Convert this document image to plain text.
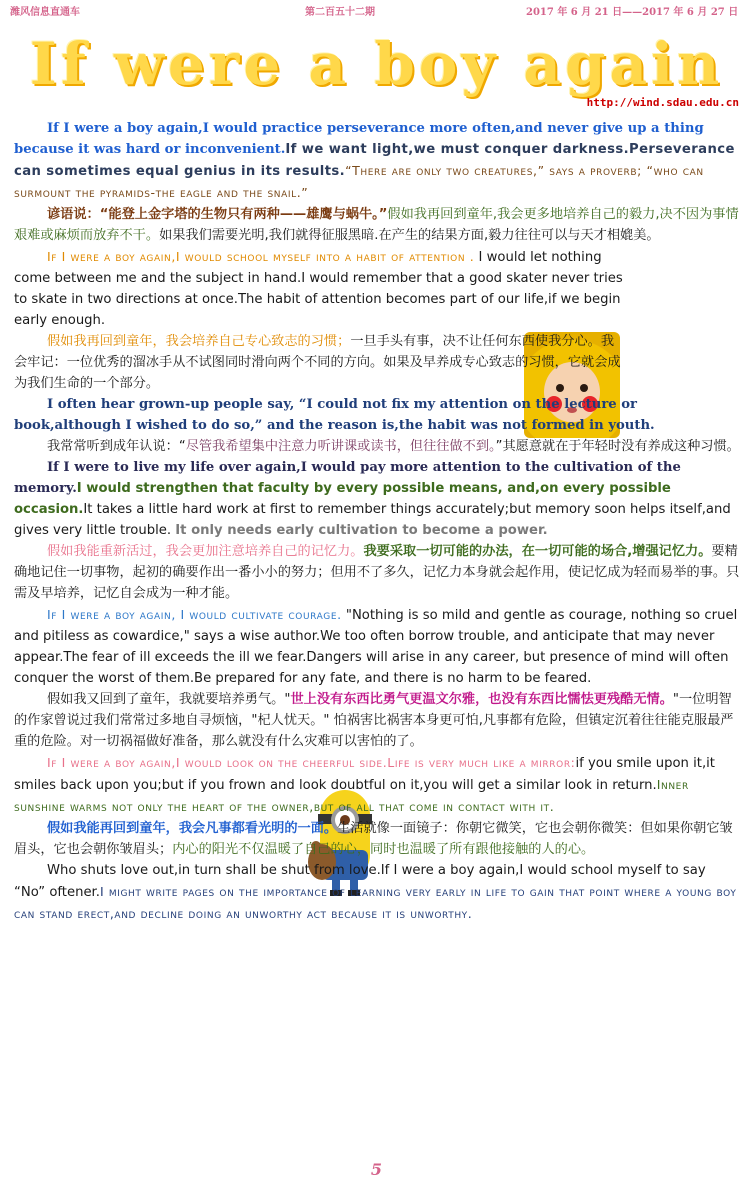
潍风信息直通车	第二百五十二期	2017 年 6 月 21 日——2017 年 6 月 27 日
If were a boy again
http://wind.sdau.edu.cn

If I were a boy again,I would practice perseverance more often,and never give up a thing because it was hard or inconvenient.If we want light,we must conquer darkness.Perseverance can sometimes equal genius in its results.“There are only two creatures,” says a proverb; “who can surmount the pyramids-the eagle and the snail.”

谚语说：“能登上金字塔的生物只有两种——雄鹰与蜗牛。”假如我再回到童年,我会更多地培养自己的毅力,决不因为事情艰难或麻烦而放弃不干。如果我们需要光明,我们就得征服黑暗.在产生的结果方面,毅力往往可以与天才相媲美。

If I were a boy again,I would school myself into a habit of attention . I would let nothing come between me and the subject in hand.I would remember that a good skater never tries to skate in two directions at once.The habit of attention becomes part of our life,if we begin early enough.

假如我再回到童年，我会培养自己专心致志的习惯；一旦手头有事，决不让任何东西使我分心。我会牢记：一位优秀的溜冰手从不试图同时滑向两个不同的方向。如果及早养成专心致志的习惯，它就会成为我们生命的一个部分。

I often hear grown-up people say, “I could not fix my attention on the lecture or book,although I wished to do so,” and the reason is,the habit was not formed in youth.

我常常听到成年认说：“尽管我希望集中注意力听讲课或读书，但往往做不到。”其愿意就在于年轻时没有养成这种习惯。

If I were to live my life over again,I would pay more attention to the cultivation of the memory.I would strengthen that faculty by every possible means, and,on every possible occasion.It takes a little hard work at first to remember things accurately;but memory soon helps itself,and gives very little trouble. It only needs early cultivation to become a power.

假如我能重新活过，我会更加注意培养自己的记忆力。我要采取一切可能的办法，在一切可能的场合,增强记忆力。要精确地记住一切事物，起初的确要作出一番小小的努力；但用不了多久，记忆力本身就会起作用，使记忆成为轻而易举的事。只需及早培养，记忆自会成为一种才能。

If I were a boy again, I would cultivate courage. "Nothing is so mild and gentle as courage, nothing so cruel and pitiless as cowardice," says a wise author.We too often borrow trouble, and anticipate that may never appear.The fear of ill exceeds the ill we fear.Dangers will arise in any career, but presence of mind will often conquer the worst of them.Be prepared for any fate, and there is no harm to be feared.

假如我又回到了童年，我就要培养勇气。"世上没有东西比勇气更温文尔雅，也没有东西比懦怯更残酷无情。"一位明智的作家曾说过我们常常过多地自寻烦恼，"杞人忧天。" 怕祸害比祸害本身更可怕,凡事都有危险，但镇定沉着往往能克服最严重的危险。对一切祸福做好准备，那么就没有什么灾难可以害怕的了。

If I were a boy again,I would look on the cheerful side.Life is very much like a mirror:if you smile upon it,it smiles back upon you;but if you frown and look doubtful on it,you will get a similar look in return.Inner sunshine warms not only the heart of the owner,but of all that come in contact with it.

假如我能再回到童年，我会凡事都看光明的一面。生活就像一面镜子：你朝它微笑，它也会朝你微笑：但如果你朝它皱眉头，它也会朝你皱眉头；内心的阳光不仅温暖了自己的心，同时也温暖了所有跟他接触的人的心。

Who shuts love out,in turn shall be shut from love.If I were a boy again,I would school myself to say “No” oftener.I might write pages on the importance of learning very early in life to gain that point where a young boy can stand erect,and decline doing an unworthy act because it is unworthy.

5
